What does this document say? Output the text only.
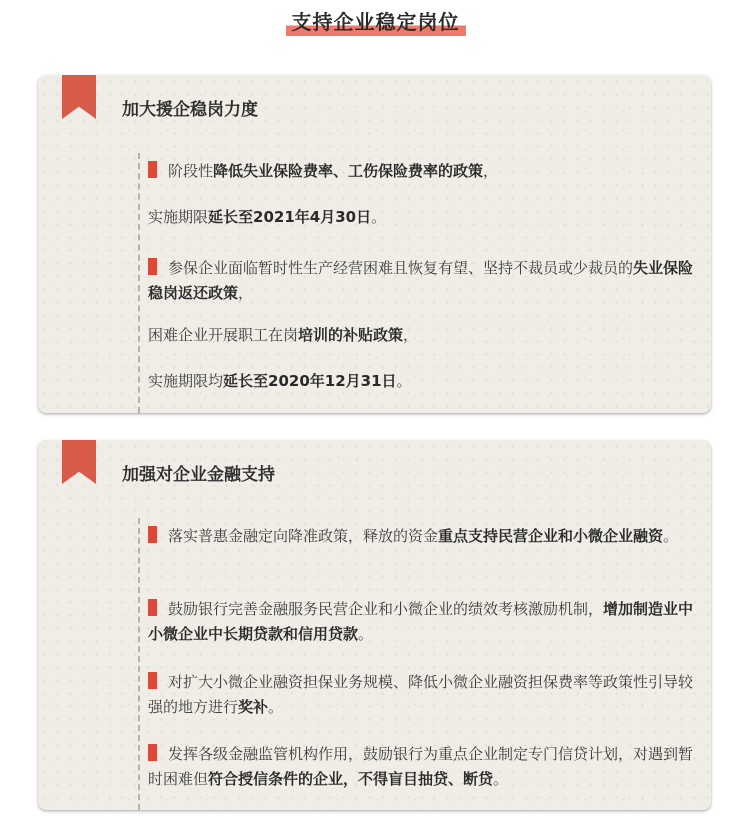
支持企业稳定岗位
加大援企稳岗力度
阶段性降低失业保险费率、工伤保险费率的政策，
实施期限延长至2021年4月30日。
参保企业面临暂时性生产经营困难且恢复有望、坚持不裁员或少裁员的失业保险稳岗返还政策，
困难企业开展职工在岗培训的补贴政策，
实施期限均延长至2020年12月31日。
加强对企业金融支持
落实普惠金融定向降准政策，释放的资金重点支持民营企业和小微企业融资。
鼓励银行完善金融服务民营企业和小微企业的绩效考核激励机制，增加制造业中小微企业中长期贷款和信用贷款。
对扩大小微企业融资担保业务规模、降低小微企业融资担保费率等政策性引导较强的地方进行奖补。
发挥各级金融监管机构作用，鼓励银行为重点企业制定专门信贷计划，对遇到暂时困难但符合授信条件的企业，不得盲目抽贷、断贷。
